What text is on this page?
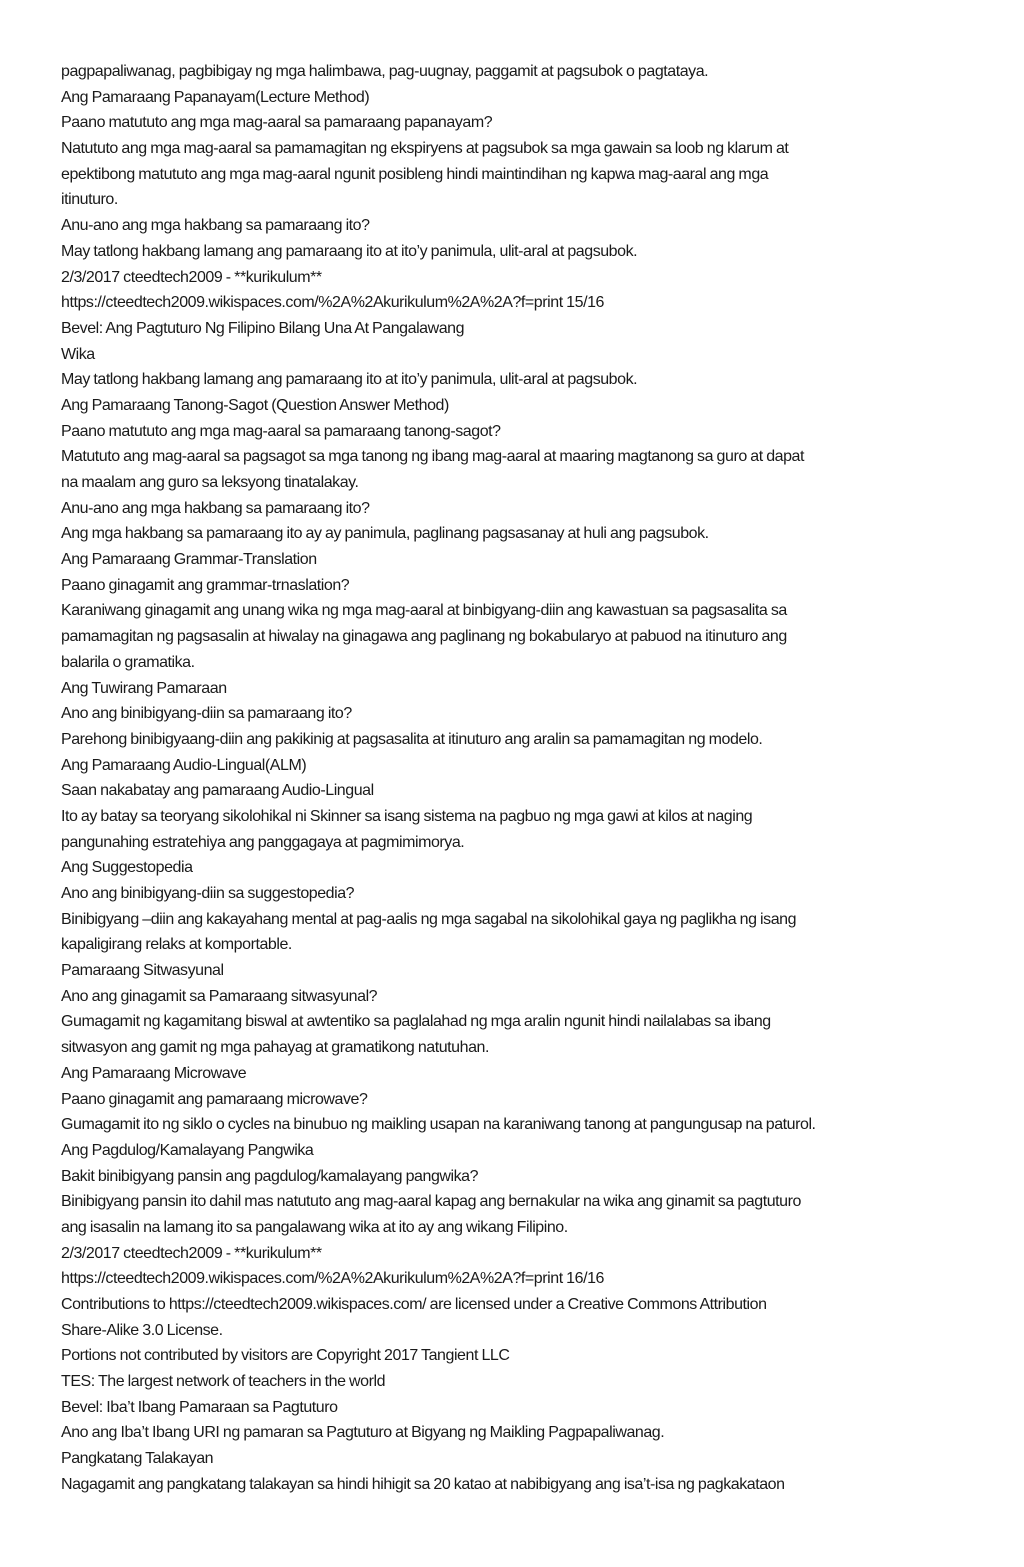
pagpapaliwanag, pagbibigay ng mga halimbawa, pag-uugnay, paggamit at pagsubok o pagtataya.
Ang Pamaraang Papanayam(Lecture Method)
Paano matututo ang mga mag-aaral sa pamaraang papanayam?
Natututo ang mga mag-aaral sa pamamagitan ng ekspiryens at pagsubok sa mga gawain sa loob ng klarum at
epektibong matututo ang mga mag-aaral ngunit posibleng hindi maintindihan ng kapwa mag-aaral ang mga
itinuturo.
Anu-ano ang mga hakbang sa pamaraang ito?
May tatlong hakbang lamang ang pamaraang ito at ito’y panimula, ulit-aral at pagsubok.
2/3/2017 cteedtech2009 - **kurikulum**
https://cteedtech2009.wikispaces.com/%2A%2Akurikulum%2A%2A?f=print 15/16
Bevel: Ang Pagtuturo Ng Filipino Bilang Una At Pangalawang
Wika
May tatlong hakbang lamang ang pamaraang ito at ito’y panimula, ulit-aral at pagsubok.
Ang Pamaraang Tanong-Sagot (Question Answer Method)
Paano matututo ang mga mag-aaral sa pamaraang tanong-sagot?
Matututo ang mag-aaral sa pagsagot sa mga tanong ng ibang mag-aaral at maaring magtanong sa guro at dapat
na maalam ang guro sa leksyong tinatalakay.
Anu-ano ang mga hakbang sa pamaraang ito?
Ang mga hakbang sa pamaraang ito ay ay panimula, paglinang pagsasanay at huli ang pagsubok.
Ang Pamaraang Grammar-Translation
Paano ginagamit ang grammar-trnaslation?
Karaniwang ginagamit ang unang wika ng mga mag-aaral at binbigyang-diin ang kawastuan sa pagsasalita sa
pamamagitan ng pagsasalin at hiwalay na ginagawa ang paglinang ng bokabularyo at pabuod na itinuturo ang
balarila o gramatika.
Ang Tuwirang Pamaraan
Ano ang binibigyang-diin sa pamaraang ito?
Parehong binibigyaang-diin ang pakikinig at pagsasalita at itinuturo ang aralin sa pamamagitan ng modelo.
Ang Pamaraang Audio-Lingual(ALM)
Saan nakabatay ang pamaraang Audio-Lingual
Ito ay batay sa teoryang sikolohikal ni Skinner sa isang sistema na pagbuo ng mga gawi at kilos at naging
pangunahing estratehiya ang panggagaya at pagmimimorya.
Ang Suggestopedia
Ano ang binibigyang-diin sa suggestopedia?
Binibigyang –diin ang kakayahang mental at pag-aalis ng mga sagabal na sikolohikal gaya ng paglikha ng isang
kapaligirang relaks at komportable.
Pamaraang Sitwasyunal
Ano ang ginagamit sa Pamaraang sitwasyunal?
Gumagamit ng kagamitang biswal at awtentiko sa paglalahad ng mga aralin ngunit hindi nailalabas sa ibang
sitwasyon ang gamit ng mga pahayag at gramatikong natutuhan.
Ang Pamaraang Microwave
Paano ginagamit ang pamaraang microwave?
Gumagamit ito ng siklo o cycles na binubuo ng maikling usapan na karaniwang tanong at pangungusap na paturol.
Ang Pagdulog/Kamalayang Pangwika
Bakit binibigyang pansin ang pagdulog/kamalayang pangwika?
Binibigyang pansin ito dahil mas natututo ang mag-aaral kapag ang bernakular na wika ang ginamit sa pagtuturo
ang isasalin na lamang ito sa pangalawang wika at ito ay ang wikang Filipino.
2/3/2017 cteedtech2009 - **kurikulum**
https://cteedtech2009.wikispaces.com/%2A%2Akurikulum%2A%2A?f=print 16/16
Contributions to https://cteedtech2009.wikispaces.com/ are licensed under a Creative Commons Attribution
Share-Alike 3.0 License.
Portions not contributed by visitors are Copyright 2017 Tangient LLC
TES: The largest network of teachers in the world
Bevel: Iba’t Ibang Pamaraan sa Pagtuturo
Ano ang Iba’t Ibang URI ng pamaran sa Pagtuturo at Bigyang ng Maikling Pagpapaliwanag.
Pangkatang Talakayan
Nagagamit ang pangkatang talakayan sa hindi hihigit sa 20 katao at nabibigyang ang isa’t-isa ng pagkakataon
